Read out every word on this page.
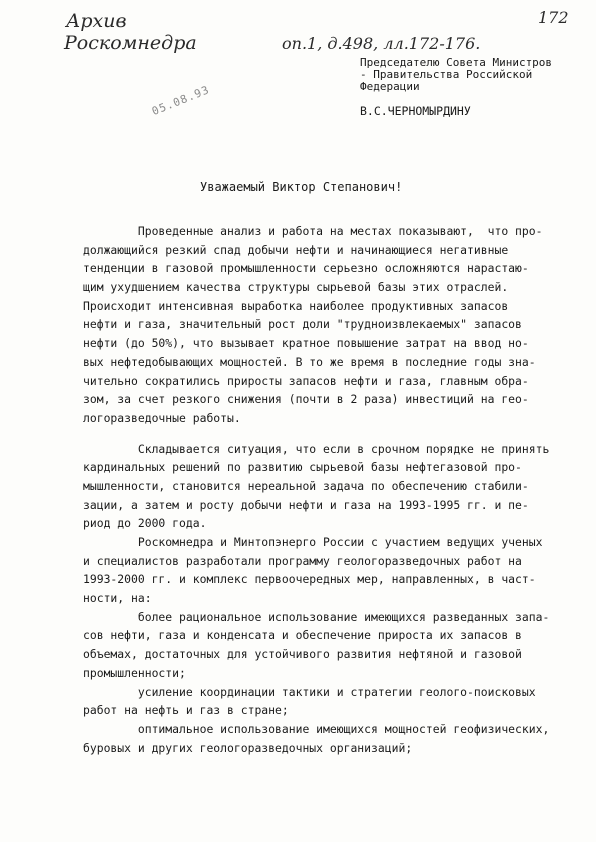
Архив
Роскомнедра	оп.1, д.498, лл.172-176.
172
05.08.93
Председателю Совета Министров
- Правительства Российской
Федерации
В.С.ЧЕРНОМЫРДИНУ
Уважаемый Виктор Степанович!
Проведенные анализ и работа на местах показывают,  что про-
должающийся резкий спад добычи нефти и начинающиеся негативные
тенденции в газовой промышленности серьезно осложняются нарастаю-
щим ухудшением качества структуры сырьевой базы этих отраслей.
Происходит интенсивная выработка наиболее продуктивных запасов
нефти и газа, значительный рост доли "трудноизвлекаемых" запасов
нефти (до 50%), что вызывает кратное повышение затрат на ввод но-
вых нефтедобывающих мощностей. В то же время в последние годы зна-
чительно сократились приросты запасов нефти и газа, главным обра-
зом, за счет резкого снижения (почти в 2 раза) инвестиций на гео-
логоразведочные работы.
Складывается ситуация, что если в срочном порядке не принять
кардинальных решений по развитию сырьевой базы нефтегазовой про-
мышленности, становится нереальной задача по обеспечению стабили-
зации, а затем и росту добычи нефти и газа на 1993-1995 гг. и пе-
риод до 2000 года.
Роскомнедра и Минтопэнерго России с участием ведущих ученых
и специалистов разработали программу геологоразведочных работ на
1993-2000 гг. и комплекс первоочередных мер, направленных, в част-
ности, на:
более рациональное использование имеющихся разведанных запа-
сов нефти, газа и конденсата и обеспечение прироста их запасов в
объемах, достаточных для устойчивого развития нефтяной и газовой
промышленности;
усиление координации тактики и стратегии геолого-поисковых
работ на нефть и газ в стране;
оптимальное использование имеющихся мощностей геофизических,
буровых и других геологоразведочных организаций;
